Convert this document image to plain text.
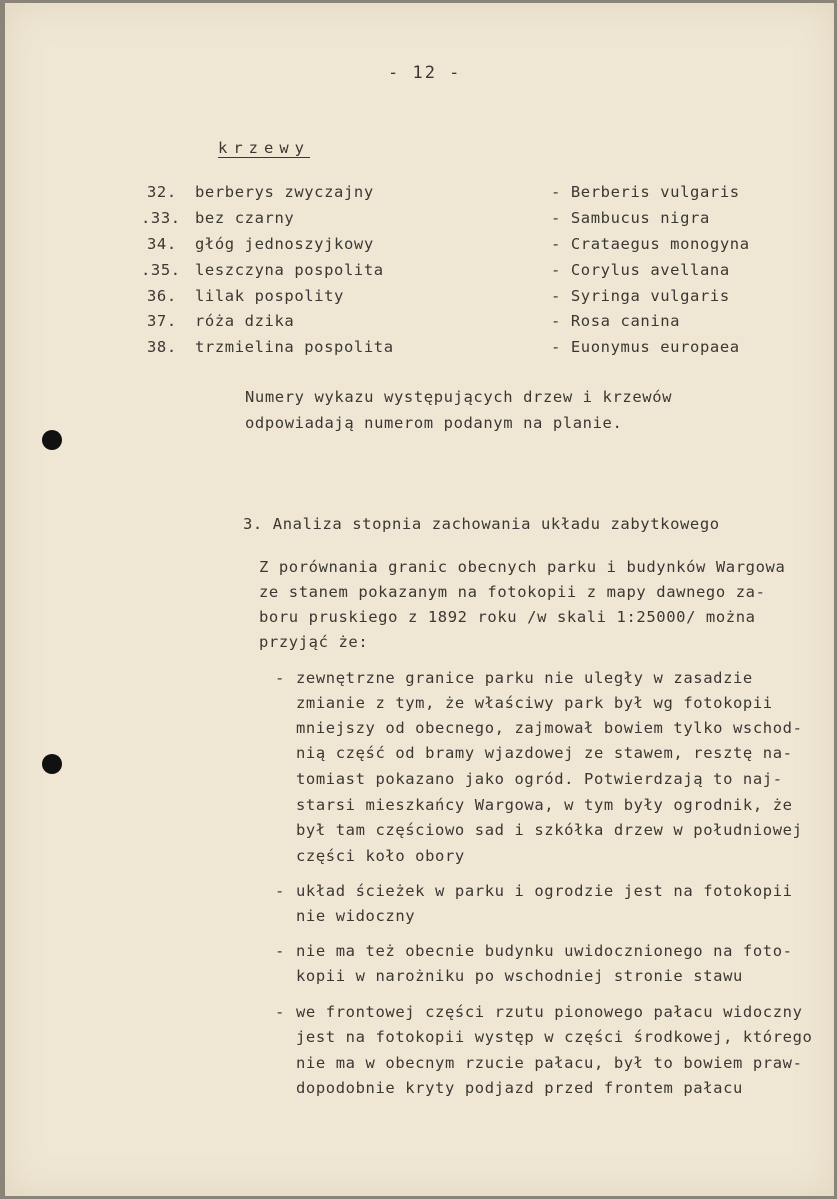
- 12 -
krzewy
32. berberys zwyczajny	- Berberis vulgaris
.33. bez czarny	- Sambucus nigra
34. głóg jednoszyjkowy	- Crataegus monogyna
.35. leszczyna pospolita	- Corylus avellana
36. lilak pospolity	- Syringa vulgaris
37. róża dzika	- Rosa canina
38. trzmielina pospolita	- Euonymus europaea
Numery wykazu występujących drzew i krzewów
odpowiadają numerom podanym na planie.
3. Analiza stopnia zachowania układu zabytkowego
Z porównania granic obecnych parku i budynków Wargowa
ze stanem pokazanym na fotokopii z mapy dawnego za-
boru pruskiego z 1892 roku /w skali 1:25000/ można
przyjąć że:
- zewnętrzne granice parku nie uległy w zasadzie
zmianie z tym, że właściwy park był wg fotokopii
mniejszy od obecnego, zajmował bowiem tylko wschod-
nią część od bramy wjazdowej ze stawem, resztę na-
tomiast pokazano jako ogród. Potwierdzają to naj-
starsi mieszkańcy Wargowa, w tym były ogrodnik, że
był tam częściowo sad i szkółka drzew w południowej
części koło obory
- układ ścieżek w parku i ogrodzie jest na fotokopii
nie widoczny
- nie ma też obecnie budynku uwidocznionego na foto-
kopii w narożniku po wschodniej stronie stawu
- we frontowej części rzutu pionowego pałacu widoczny
jest na fotokopii występ w części środkowej, którego
nie ma w obecnym rzucie pałacu, był to bowiem praw-
dopodobnie kryty podjazd przed frontem pałacu
